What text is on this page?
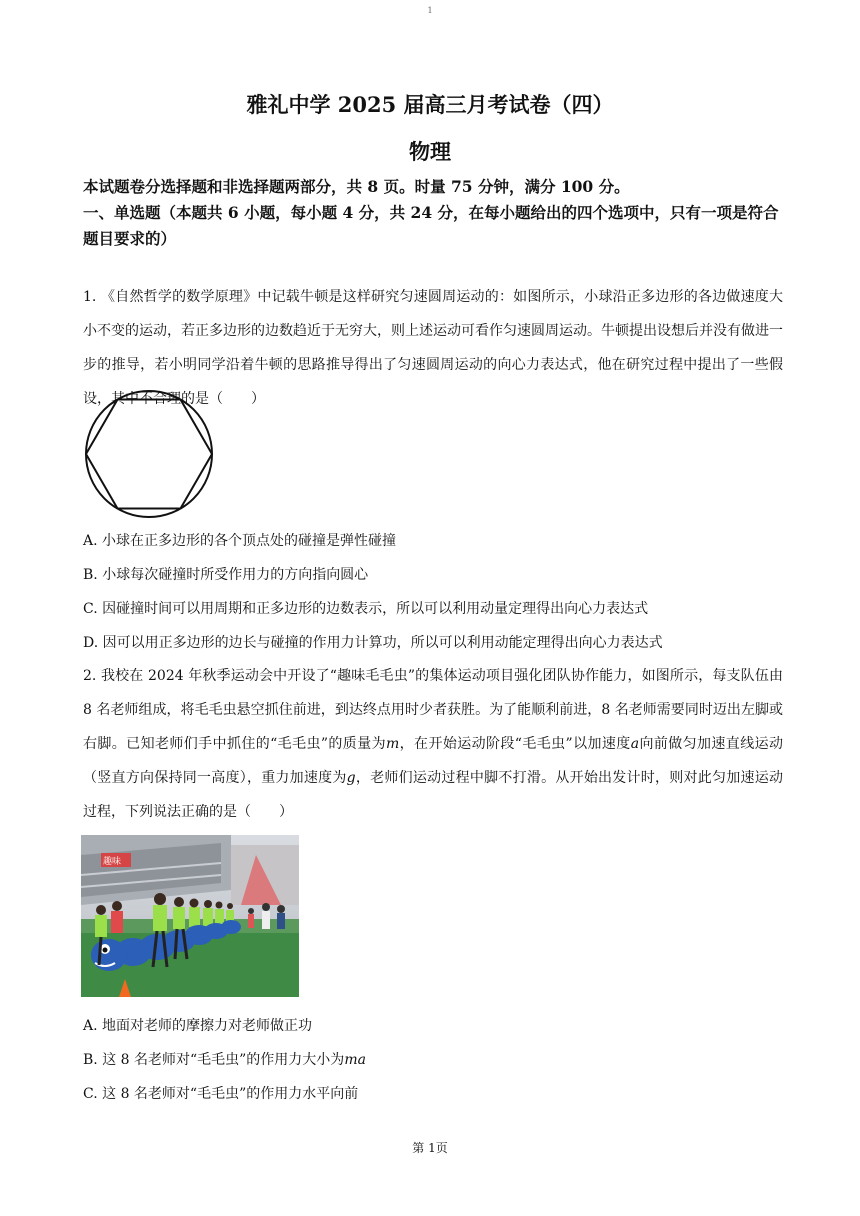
1
雅礼中学 2025 届高三月考试卷（四）
物理
本试题卷分选择题和非选择题两部分，共 8 页。时量 75 分钟，满分 100 分。
一、单选题（本题共 6 小题，每小题 4 分，共 24 分，在每小题给出的四个选项中，只有一项是符合题目要求的）
1. 《自然哲学的数学原理》中记载牛顿是这样研究匀速圆周运动的：如图所示，小球沿正多边形的各边做速度大小不变的运动，若正多边形的边数趋近于无穷大，则上述运动可看作匀速圆周运动。牛顿提出设想后并没有做进一步的推导，若小明同学沿着牛顿的思路推导得出了匀速圆周运动的向心力表达式，他在研究过程中提出了一些假设，其中不合理的是（　　）
A. 小球在正多边形的各个顶点处的碰撞是弹性碰撞
B. 小球每次碰撞时所受作用力的方向指向圆心
C. 因碰撞时间可以用周期和正多边形的边数表示，所以可以利用动量定理得出向心力表达式
D. 因可以用正多边形的边长与碰撞的作用力计算功，所以可以利用动能定理得出向心力表达式
2. 我校在 2024 年秋季运动会中开设了“趣味毛毛虫”的集体运动项目强化团队协作能力，如图所示，每支队伍由 8 名老师组成，将毛毛虫悬空抓住前进，到达终点用时少者获胜。为了能顺利前进，8 名老师需要同时迈出左脚或右脚。已知老师们手中抓住的“毛毛虫”的质量为m，在开始运动阶段“毛毛虫”以加速度a向前做匀加速直线运动（竖直方向保持同一高度），重力加速度为g，老师们运动过程中脚不打滑。从开始出发计时，则对此匀加速运动过程，下列说法正确的是（　　）
趣味
A. 地面对老师的摩擦力对老师做正功
B. 这 8 名老师对“毛毛虫”的作用力大小为ma
C. 这 8 名老师对“毛毛虫”的作用力水平向前
第 1页
